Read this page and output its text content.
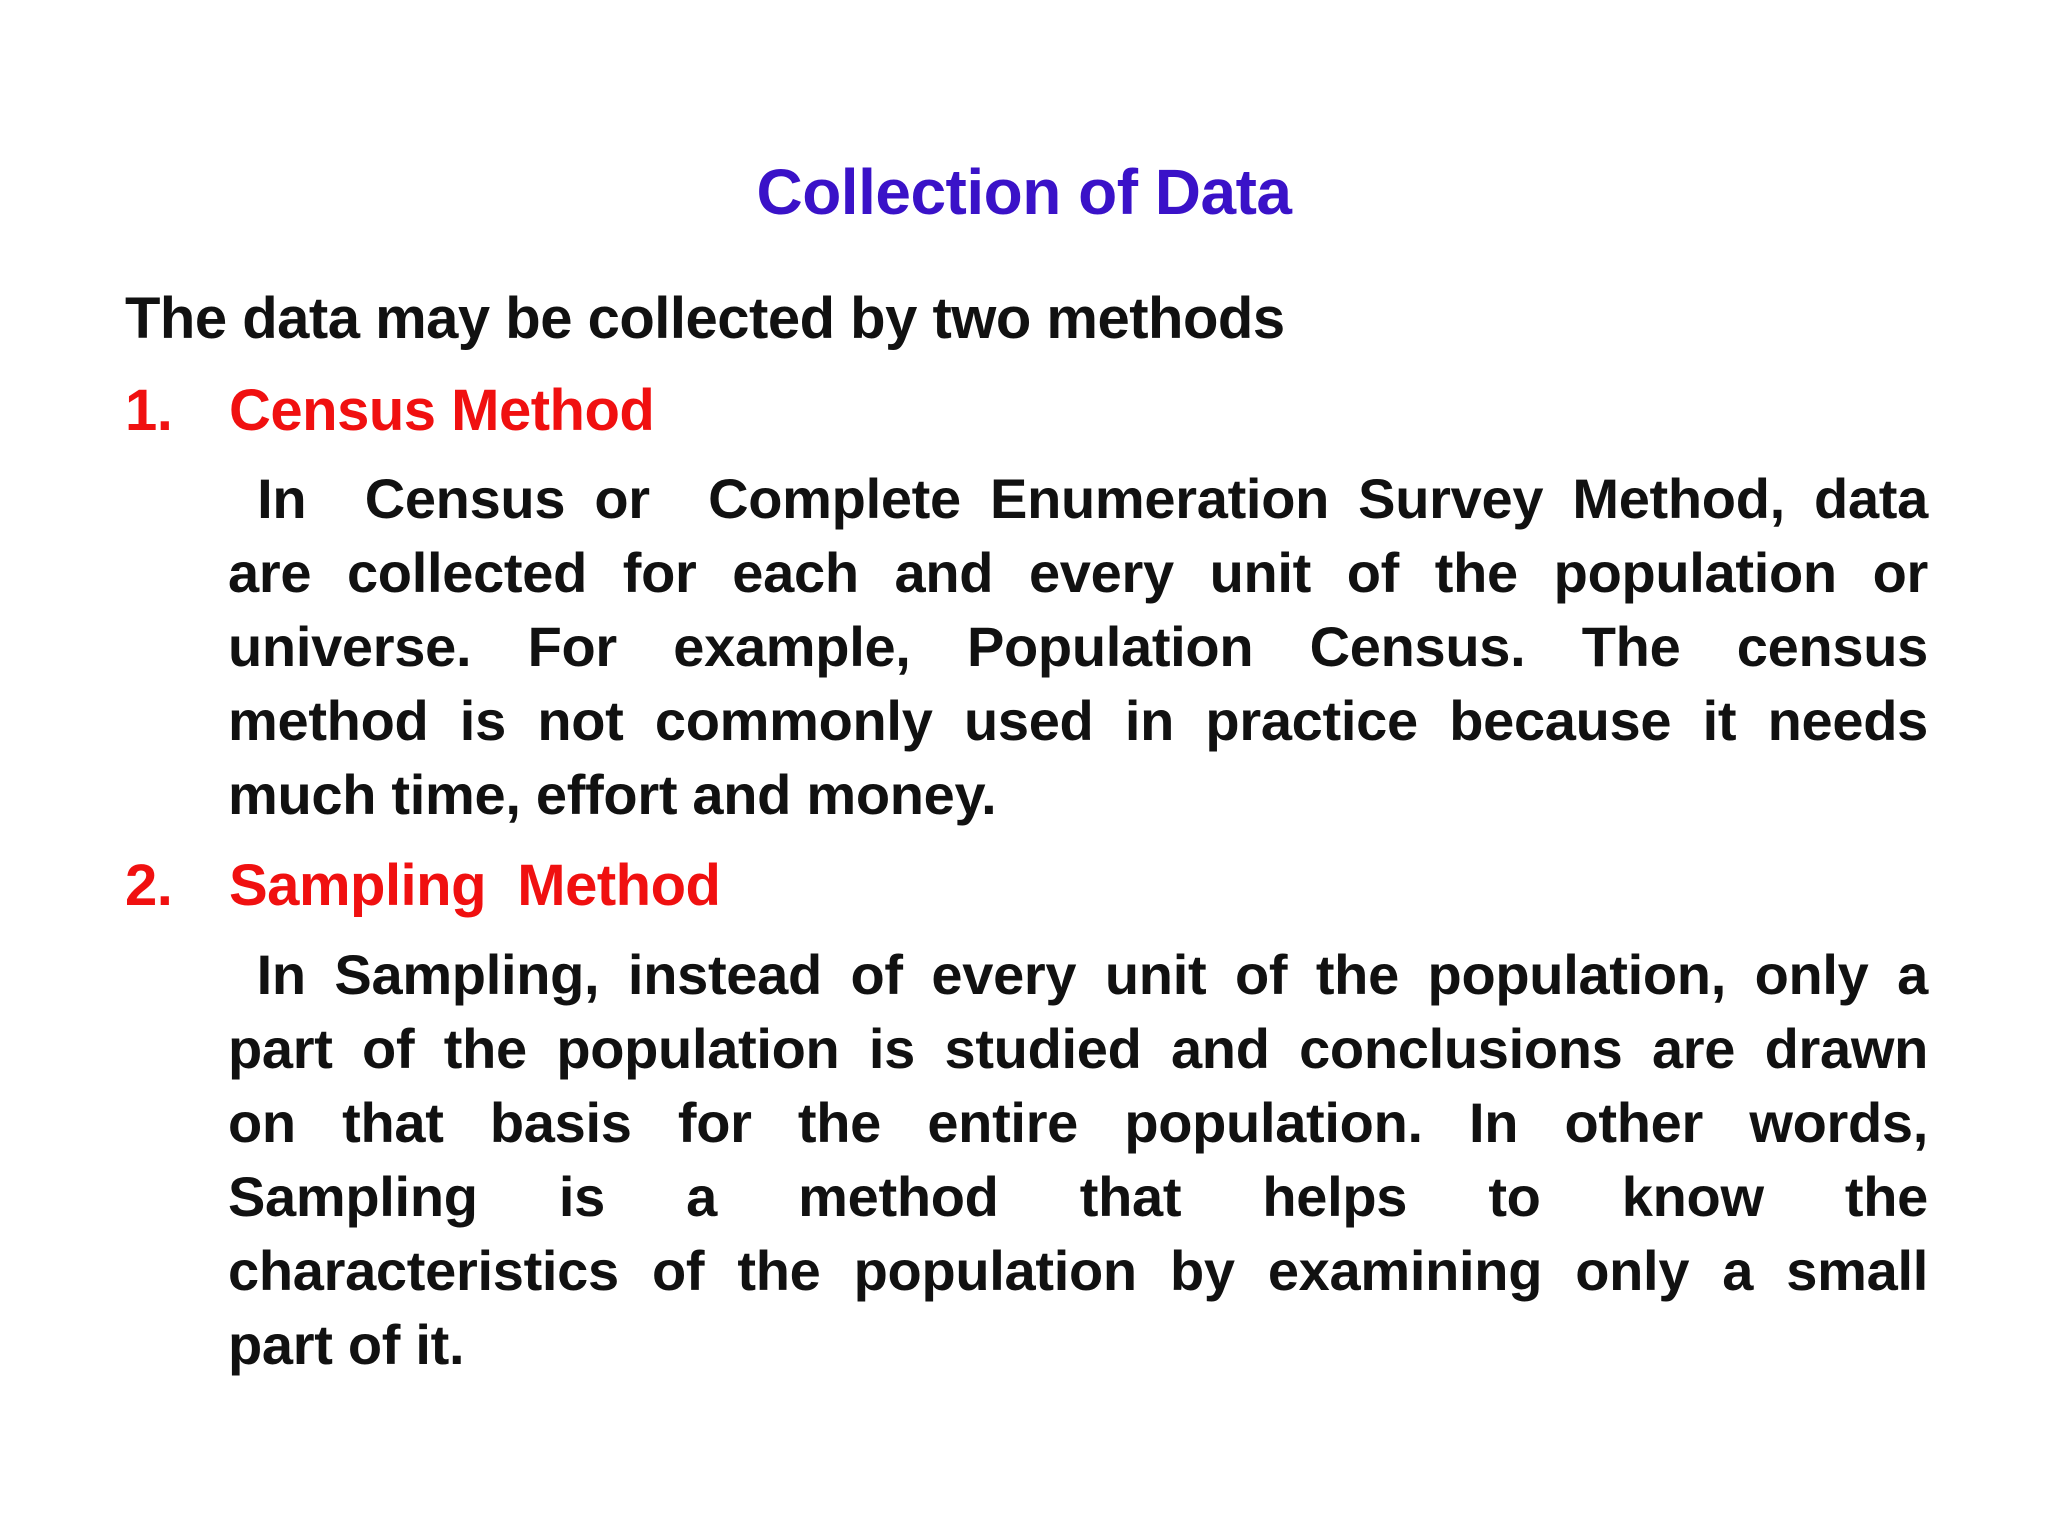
Collection of Data
The data may be collected by two methods
1. Census Method
In  Census or  Complete Enumeration Survey Method, data
are collected for each and every unit of the population or
universe. For example, Population Census. The census
method is not commonly used in practice because it needs
much time, effort and money.
2. Sampling  Method
In Sampling, instead of every unit of the population, only a
part of the population is studied and conclusions are drawn
on that basis for the entire population. In other words,
Sampling is a method that helps to know the
characteristics of the population by examining only a small
part of it.
